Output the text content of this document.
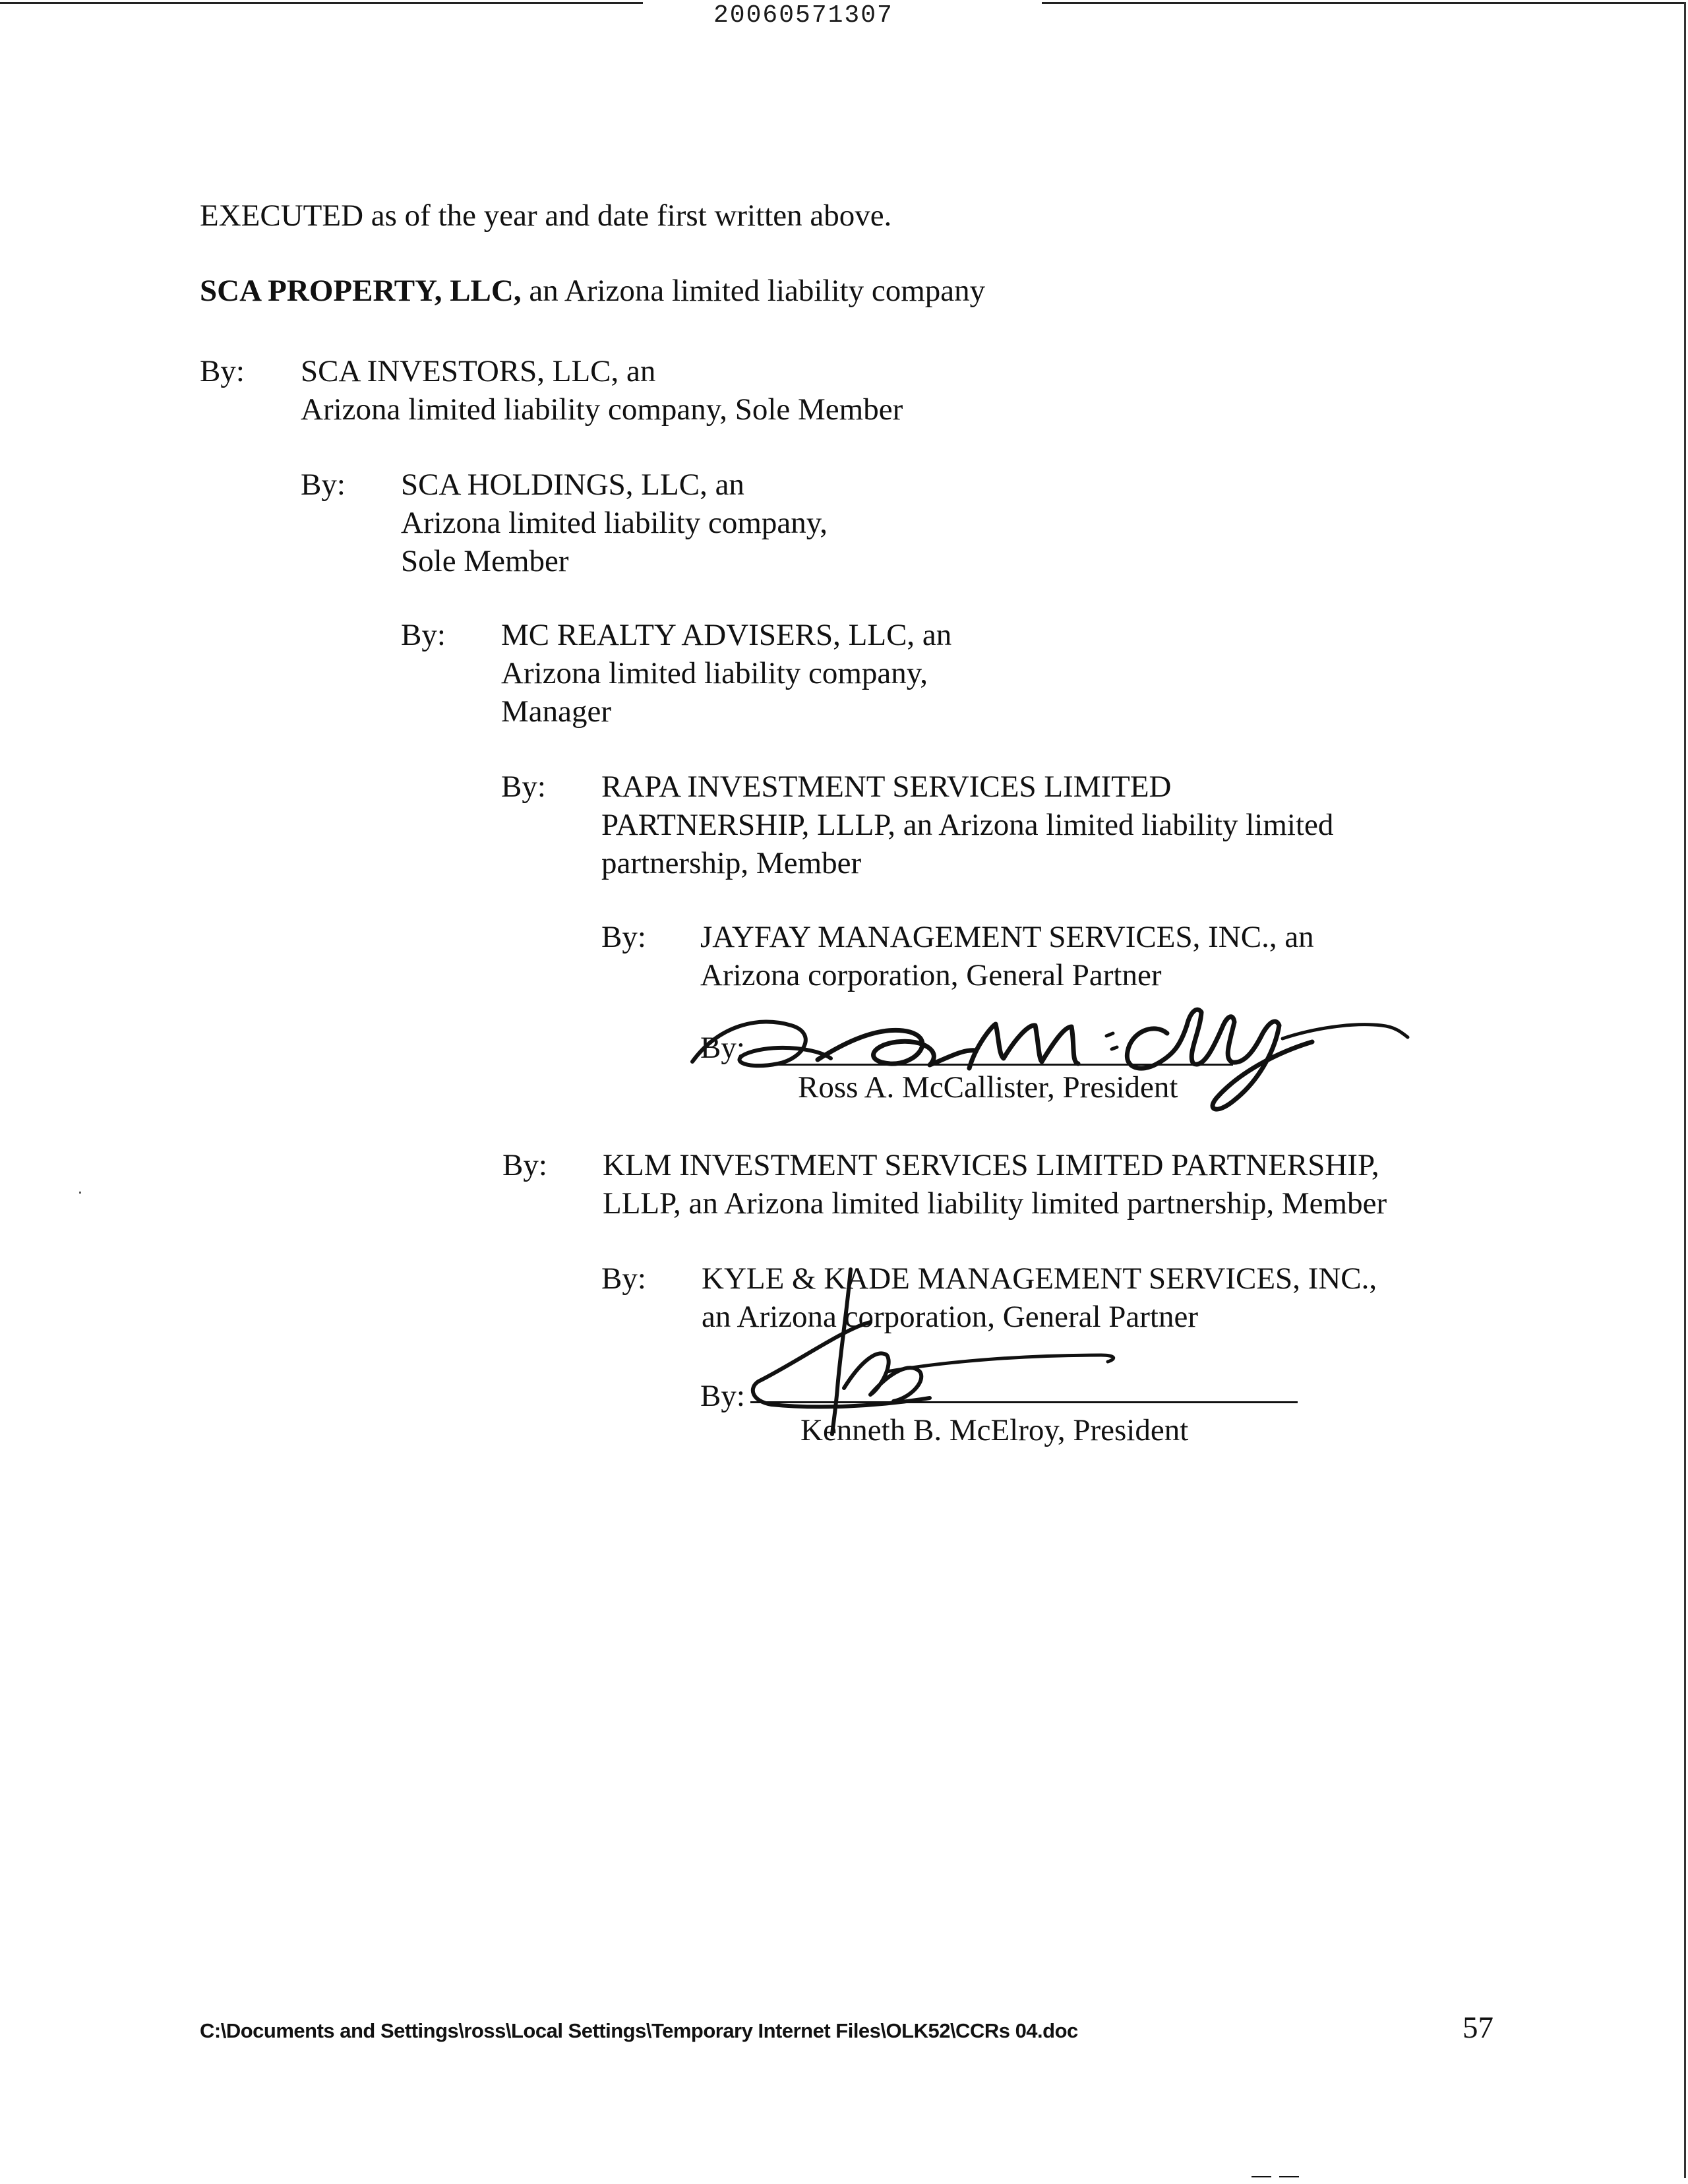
20060571307
EXECUTED as of the year and date first written above.
SCA PROPERTY, LLC, an Arizona limited liability company
By: SCA INVESTORS, LLC, an
Arizona limited liability company, Sole Member
By: SCA HOLDINGS, LLC, an
Arizona limited liability company,
Sole Member
By: MC REALTY ADVISERS, LLC, an
Arizona limited liability company,
Manager
By: RAPA INVESTMENT SERVICES LIMITED
PARTNERSHIP, LLLP, an Arizona limited liability limited
partnership, Member
By: JAYFAY MANAGEMENT SERVICES, INC., an
Arizona corporation, General Partner
By:
Ross A. McCallister, President
By: KLM INVESTMENT SERVICES LIMITED PARTNERSHIP,
LLLP, an Arizona limited liability limited partnership, Member
By: KYLE & KADE MANAGEMENT SERVICES, INC.,
an Arizona corporation, General Partner
By:
Kenneth B. McElroy, President
C:\Documents and Settings\ross\Local Settings\Temporary Internet Files\OLK52\CCRs 04.doc	57
